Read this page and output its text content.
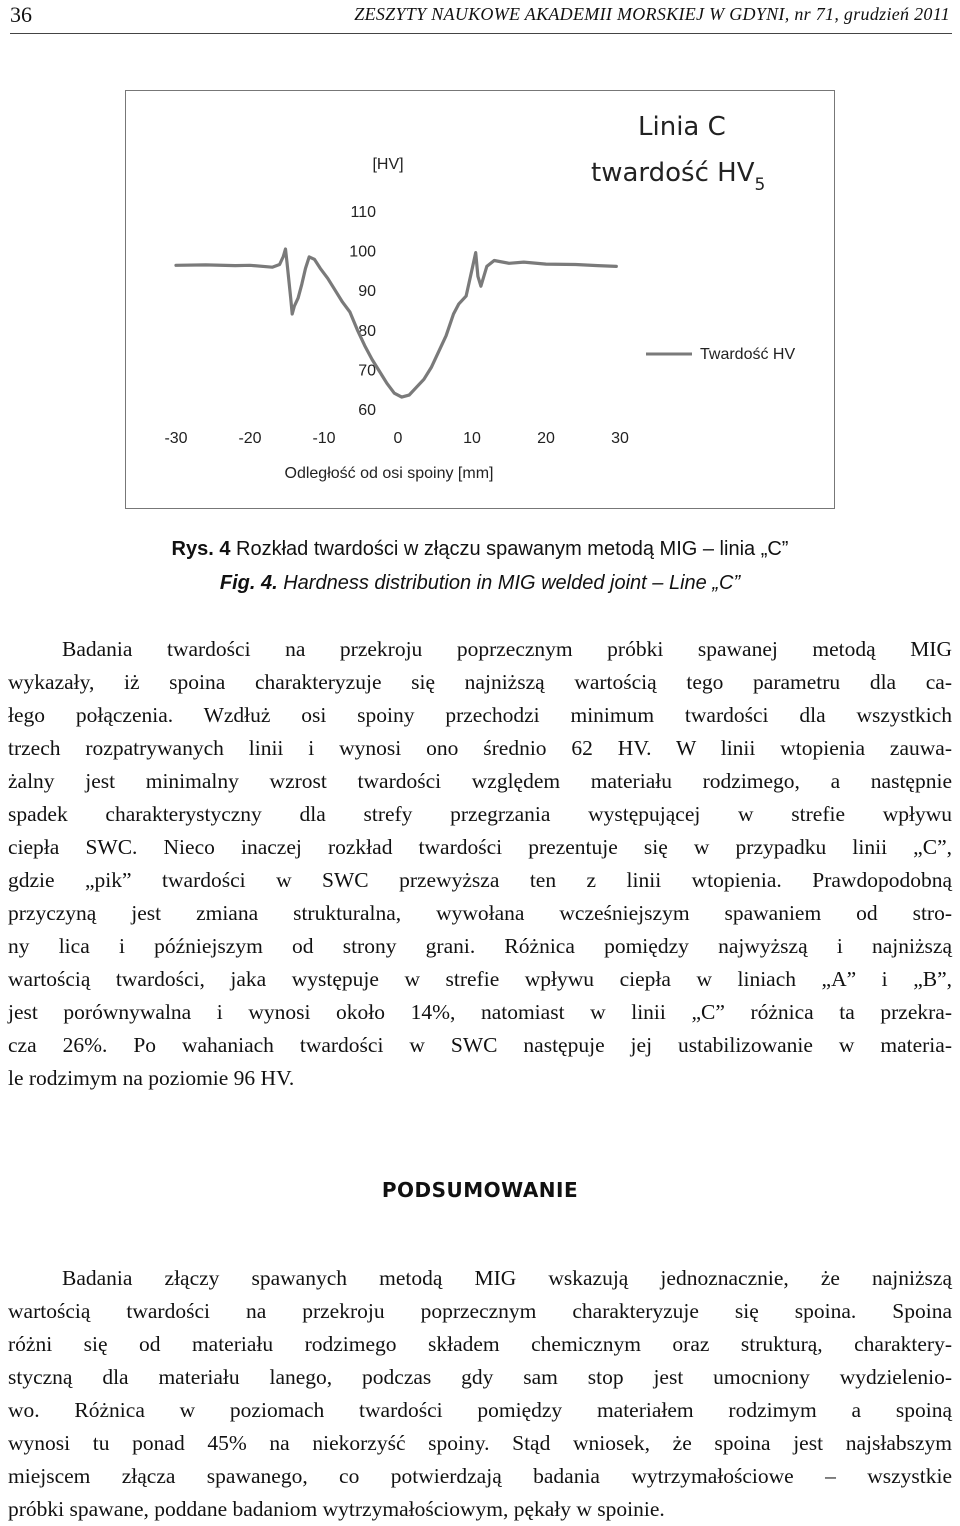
36	ZESZYTY NAUKOWE AKADEMII MORSKIEJ W GDYNI, nr 71, grudzień 2011
60
70
80
90
100
110
-30	-20	-10	0	10	20	30
[HV]
Odległość od osi spoiny [mm]
Linia C
twardość $HV_5$
Twardość HV
Rys. 4 Rozkład twardości w złączu spawanym metodą MIG – linia „C”
Fig. 4. Hardness distribution in MIG welded joint – Line „C”
Badania twardości na przekroju poprzecznym próbki spawanej metodą MIG
wykazały, iż spoina charakteryzuje się najniższą wartością tego parametru dla ca-
łego połączenia. Wzdłuż osi spoiny przechodzi minimum twardości dla wszystkich
trzech rozpatrywanych linii i wynosi ono średnio 62 HV. W linii wtopienia zauwa-
żalny jest minimalny wzrost twardości względem materiału rodzimego, a następnie
spadek charakterystyczny dla strefy przegrzania występującej w strefie wpływu
ciepła SWC. Nieco inaczej rozkład twardości prezentuje się w przypadku linii „C”,
gdzie „pik” twardości w SWC przewyższa ten z linii wtopienia. Prawdopodobną
przyczyną jest zmiana strukturalna, wywołana wcześniejszym spawaniem od stro-
ny lica i późniejszym od strony grani. Różnica pomiędzy najwyższą i najniższą
wartością twardości, jaka występuje w strefie wpływu ciepła w liniach „A” i „B”,
jest porównywalna i wynosi około 14%, natomiast w linii „C” różnica ta przekra-
cza 26%. Po wahaniach twardości w SWC następuje jej ustabilizowanie w materia-
le rodzimym na poziomie 96 HV.
PODSUMOWANIE
Badania złączy spawanych metodą MIG wskazują jednoznacznie, że najniższą
wartością twardości na przekroju poprzecznym charakteryzuje się spoina. Spoina
różni się od materiału rodzimego składem chemicznym oraz strukturą, charaktery-
styczną dla materiału lanego, podczas gdy sam stop jest umocniony wydzielenio-
wo. Różnica w poziomach twardości pomiędzy materiałem rodzimym a spoiną
wynosi tu ponad 45% na niekorzyść spoiny. Stąd wniosek, że spoina jest najsłabszym
miejscem złącza spawanego, co potwierdzają badania wytrzymałościowe – wszystkie
próbki spawane, poddane badaniom wytrzymałościowym, pękały w spoinie.
